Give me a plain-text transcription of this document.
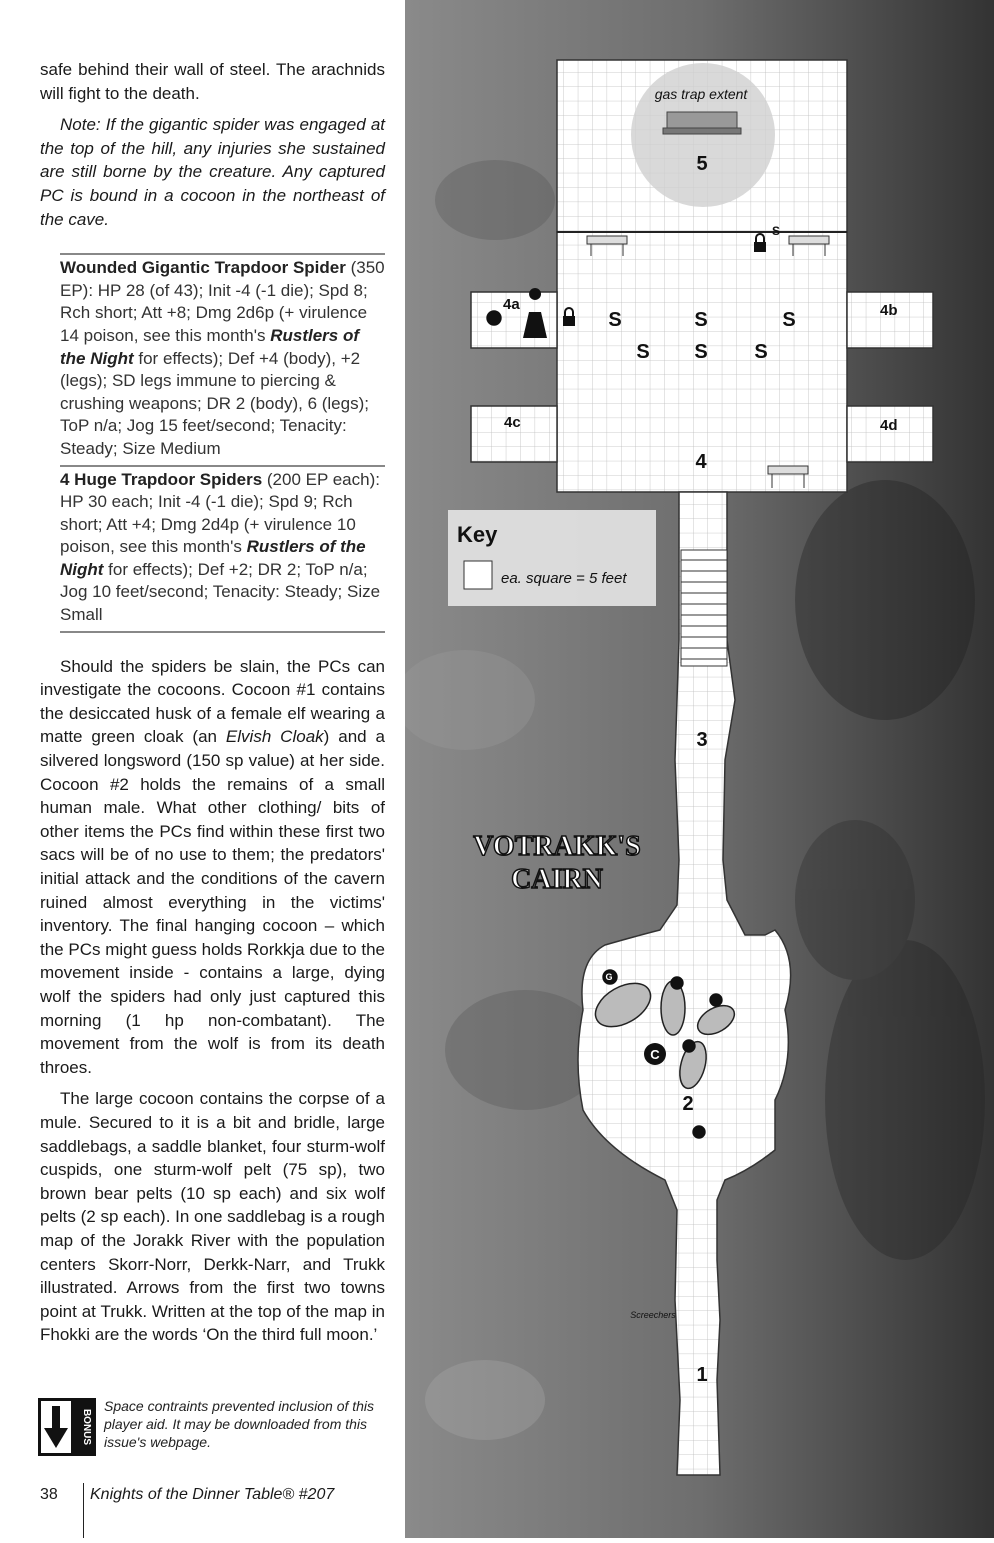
safe behind their wall of steel. The arachnids will fight to the death.

Note: If the gigantic spider was engaged at the top of the hill, any injuries she sustained are still borne by the creature. Any captured PC is bound in a cocoon in the northeast of the cave.

Wounded Gigantic Trapdoor Spider (350 EP): HP 28 (of 43); Init -4 (-1 die); Spd 8; Rch short; Att +8; Dmg 2d6p (+ virulence 14 poison, see this month's Rustlers of the Night for effects); Def +4 (body), +2 (legs); SD legs immune to piercing & crushing weapons; DR 2 (body), 6 (legs); ToP n/a; Jog 15 feet/second; Tenacity: Steady; Size Medium
4 Huge Trapdoor Spiders (200 EP each): HP 30 each; Init -4 (-1 die); Spd 9; Rch short; Att +4; Dmg 2d4p (+ virulence 10 poison, see this month's Rustlers of the Night for effects); Def +2; DR 2; ToP n/a; Jog 10 feet/second; Tenacity: Steady; Size Small

Should the spiders be slain, the PCs can investigate the cocoons. Cocoon #1 contains the desiccated husk of a female elf wearing a matte green cloak (an Elvish Cloak) and a silvered longsword (150 sp value) at her side. Cocoon #2 holds the remains of a small human male. What other clothing/ bits of other items the PCs find within these first two sacs will be of no use to them; the predators' initial attack and the conditions of the cavern ruined almost everything in the victims' inventory. The final hanging cocoon – which the PCs might guess holds Rorkkja due to the movement inside - contains a large, dying wolf the spiders had only just captured this morning (1 hp non-combatant). The movement from the wolf is from its death throes.

The large cocoon contains the corpse of a mule. Secured to it is a bit and bridle, large saddlebags, a saddle blanket, four sturm-wolf cuspids, one sturm-wolf pelt (75 sp), two brown bear pelts (10 sp each) and six wolf pelts (2 sp each). In one saddlebag is a rough map of the Jorakk River with the population centers Skorr-Norr, Derkk-Narr, and Trukk illustrated. Arrows from the first two towns point at Trukk. Written at the top of the map in Fhokki are the words ‘On the third full moon.’

BONUS
Space contraints prevented inclusion of this player aid. It may be downloaded from this issue's webpage.
38 Knights of the Dinner Table® #207
gas trap extent
5
4a	4b
4c	4d
4
S	S	S
S S S
S
3
C
G
2
Screechers
1
VOTRAKK'S
CAIRN
Key
ea. square = 5 feet
